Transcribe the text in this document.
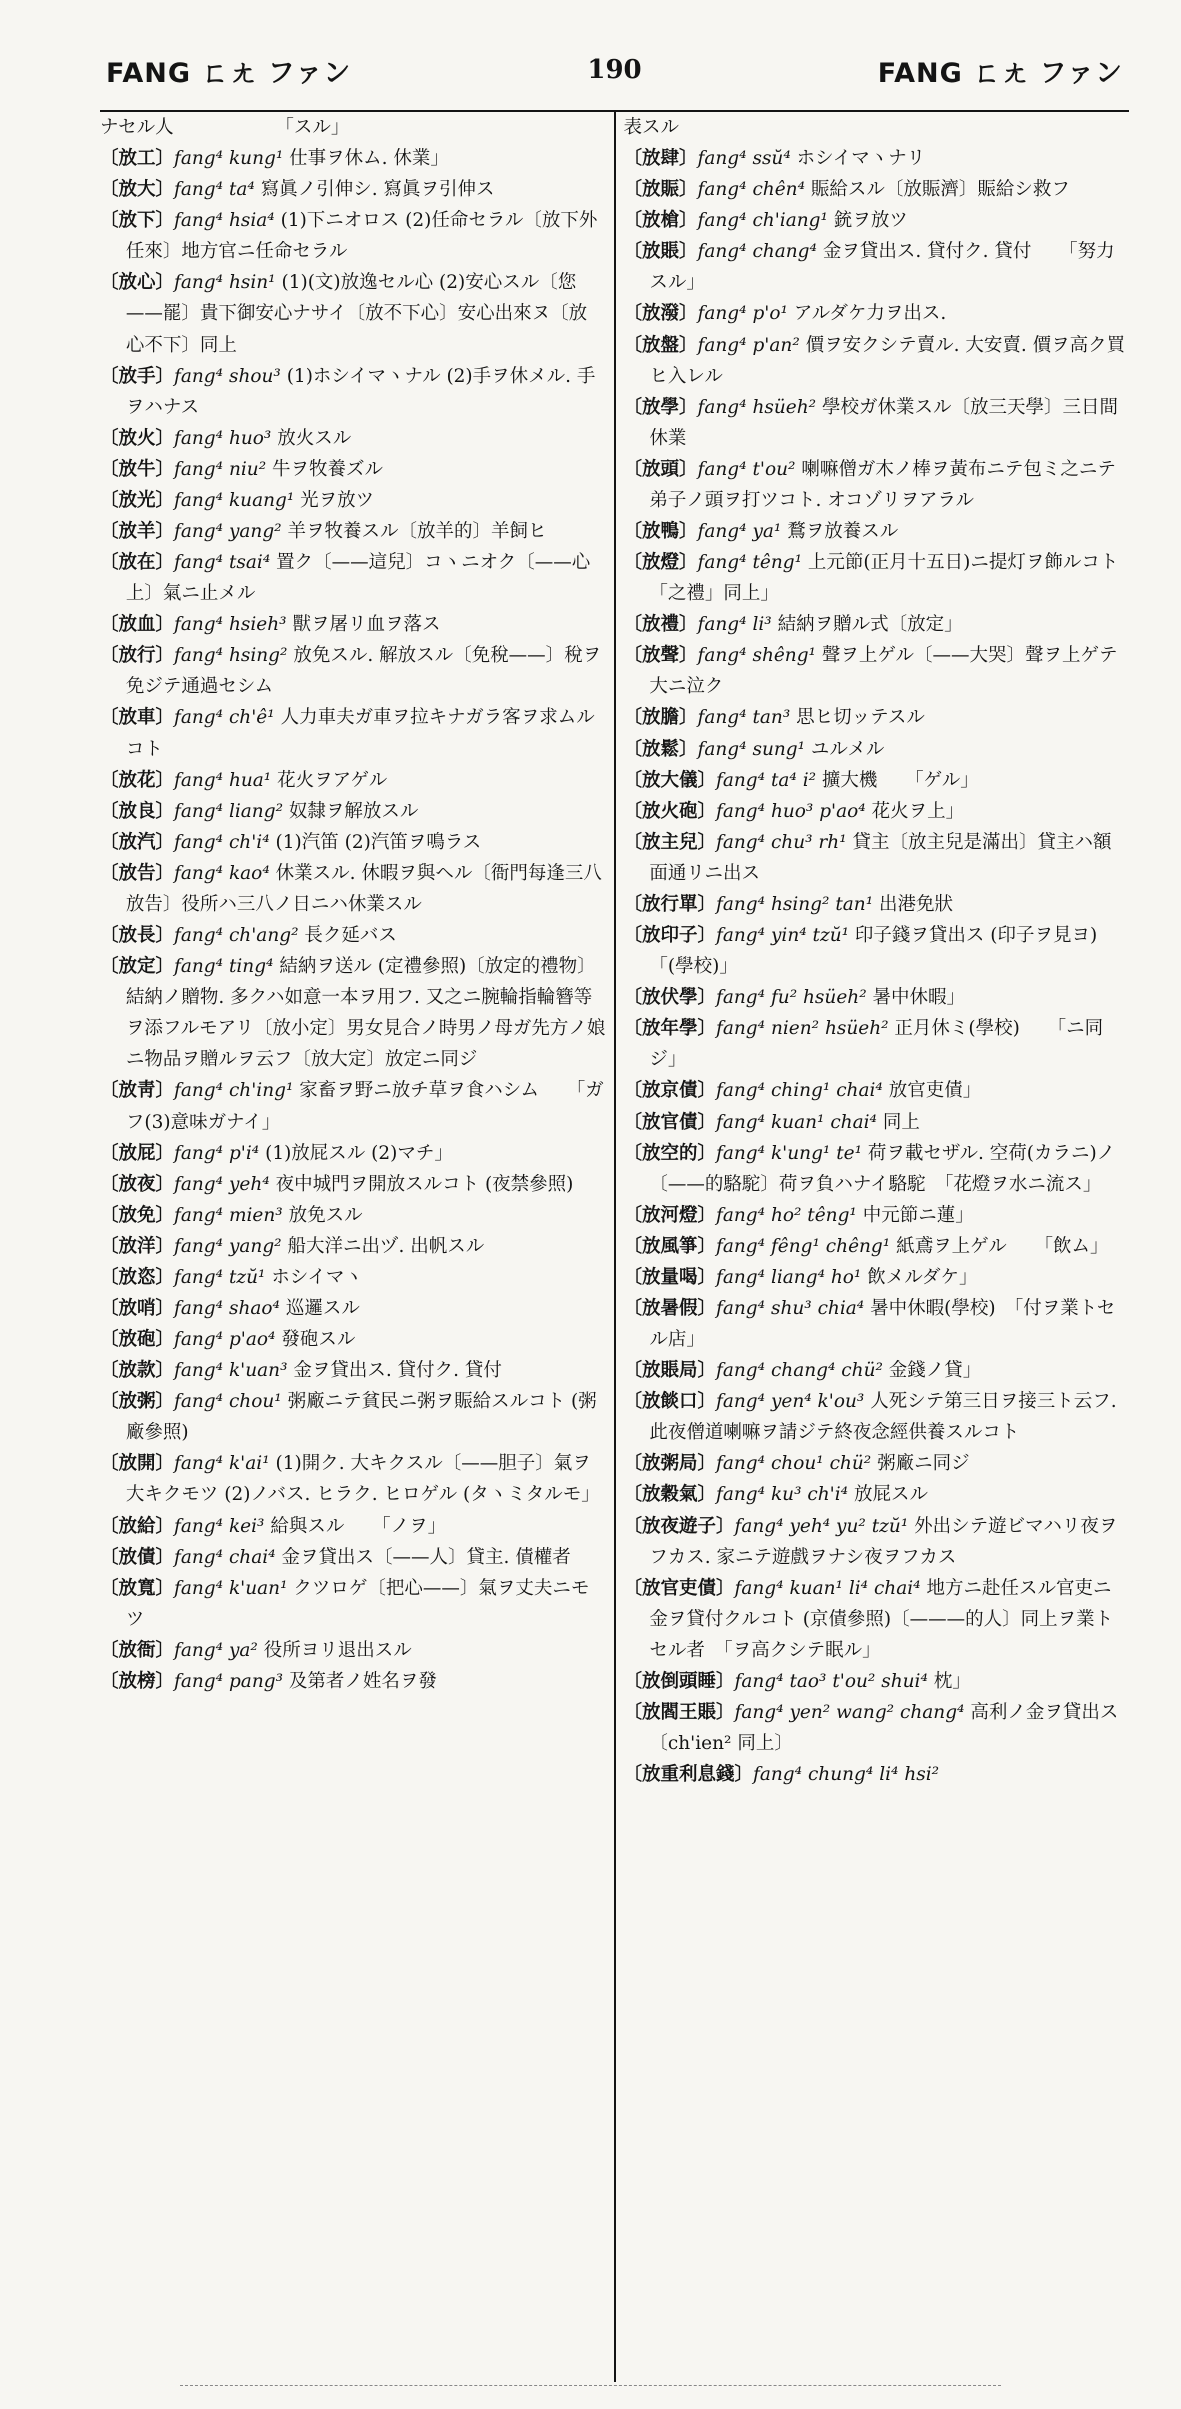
FANG ㄈㄤ ファン	190	FANG ㄈㄤ ファン

ナセル人　　　　　　「スル」

〔放工〕fang⁴ kung¹ 仕事ヲ休ム. 休業」

〔放大〕fang⁴ ta⁴ 寫眞ノ引伸シ. 寫眞ヲ引伸ス

〔放下〕fang⁴ hsia⁴ (1)下ニオロス (2)任命セラル〔放下外任來〕地方官ニ任命セラル

〔放心〕fang⁴ hsin¹ (1)(文)放逸セル心 (2)安心スル〔您——罷〕貴下御安心ナサイ〔放不下心〕安心出來ヌ〔放心不下〕同上

〔放手〕fang⁴ shou³ (1)ホシイマヽナル (2)手ヲ休メル. 手ヲハナス

〔放火〕fang⁴ huo³ 放火スル

〔放牛〕fang⁴ niu² 牛ヲ牧養ズル

〔放光〕fang⁴ kuang¹ 光ヲ放ツ

〔放羊〕fang⁴ yang² 羊ヲ牧養スル〔放羊的〕羊飼ヒ

〔放在〕fang⁴ tsai⁴ 置ク〔——這兒〕コヽニオク〔——心上〕氣ニ止メル

〔放血〕fang⁴ hsieh³ 獸ヲ屠リ血ヲ落ス

〔放行〕fang⁴ hsing² 放免スル. 解放スル〔免稅——〕稅ヲ免ジテ通過セシム

〔放車〕fang⁴ ch'ê¹ 人力車夫ガ車ヲ拉キナガラ客ヲ求ムルコト

〔放花〕fang⁴ hua¹ 花火ヲアゲル

〔放良〕fang⁴ liang² 奴隸ヲ解放スル

〔放汽〕fang⁴ ch'i⁴ (1)汽笛 (2)汽笛ヲ鳴ラス

〔放告〕fang⁴ kao⁴ 休業スル. 休暇ヲ與ヘル〔衙門每逢三八放告〕役所ハ三八ノ日ニハ休業スル

〔放長〕fang⁴ ch'ang² 長ク延バス

〔放定〕fang⁴ ting⁴ 結納ヲ送ル (定禮參照)〔放定的禮物〕結納ノ贈物. 多クハ如意一本ヲ用フ. 又之ニ腕輪指輪簪等ヲ添フルモアリ〔放小定〕男女見合ノ時男ノ母ガ先方ノ娘ニ物品ヲ贈ルヲ云フ〔放大定〕放定ニ同ジ

〔放靑〕fang⁴ ch'ing¹ 家畜ヲ野ニ放チ草ヲ食ハシム　　「ガフ(3)意味ガナイ」

〔放屁〕fang⁴ p'i⁴ (1)放屁スル (2)マチ」

〔放夜〕fang⁴ yeh⁴ 夜中城門ヲ開放スルコト (夜禁參照)

〔放免〕fang⁴ mien³ 放免スル

〔放洋〕fang⁴ yang² 船大洋ニ出ヅ. 出帆スル

〔放恣〕fang⁴ tzŭ¹ ホシイマヽ

〔放哨〕fang⁴ shao⁴ 巡邏スル

〔放砲〕fang⁴ p'ao⁴ 發砲スル

〔放款〕fang⁴ k'uan³ 金ヲ貸出ス. 貸付ク. 貸付

〔放粥〕fang⁴ chou¹ 粥廠ニテ貧民ニ粥ヲ賑給スルコト (粥廠參照)

〔放開〕fang⁴ k'ai¹ (1)開ク. 大キクスル〔——胆子〕氣ヲ大キクモツ (2)ノバス. ヒラク. ヒロゲル (タヽミタルモ」

〔放給〕fang⁴ kei³ 給與スル　　「ノヲ」

〔放債〕fang⁴ chai⁴ 金ヲ貸出ス〔——人〕貸主. 債權者

〔放寬〕fang⁴ k'uan¹ クツロゲ〔把心——〕氣ヲ丈夫ニモツ

〔放衙〕fang⁴ ya² 役所ヨリ退出スル

〔放榜〕fang⁴ pang³ 及第者ノ姓名ヲ發

表スル

〔放肆〕fang⁴ ssŭ⁴ ホシイマヽナリ

〔放賑〕fang⁴ chên⁴ 賑給スル〔放賑濟〕賑給シ救フ

〔放槍〕fang⁴ ch'iang¹ 銃ヲ放ツ

〔放賬〕fang⁴ chang⁴ 金ヲ貸出ス. 貸付ク. 貸付　　「努力スル」

〔放潑〕fang⁴ p'o¹ アルダケ力ヲ出ス.

〔放盤〕fang⁴ p'an² 價ヲ安クシテ賣ル. 大安賣. 價ヲ高ク買ヒ入レル

〔放學〕fang⁴ hsüeh² 學校ガ休業スル〔放三天學〕三日間休業

〔放頭〕fang⁴ t'ou² 喇嘛僧ガ木ノ棒ヲ黃布ニテ包ミ之ニテ弟子ノ頭ヲ打ツコト. オコゾリヲアラル

〔放鴨〕fang⁴ ya¹ 鶩ヲ放養スル

〔放燈〕fang⁴ têng¹ 上元節(正月十五日)ニ提灯ヲ飾ルコト　「之禮」同上」

〔放禮〕fang⁴ li³ 結納ヲ贈ル式〔放定」

〔放聲〕fang⁴ shêng¹ 聲ヲ上ゲル〔——大哭〕聲ヲ上ゲテ大ニ泣ク

〔放膽〕fang⁴ tan³ 思ヒ切ッテスル

〔放鬆〕fang⁴ sung¹ ユルメル

〔放大儀〕fang⁴ ta⁴ i² 擴大機　　「ゲル」

〔放火砲〕fang⁴ huo³ p'ao⁴ 花火ヲ上」

〔放主兒〕fang⁴ chu³ rh¹ 貸主〔放主兒是滿出〕貸主ハ額面通リニ出ス

〔放行單〕fang⁴ hsing² tan¹ 出港免狀

〔放印子〕fang⁴ yin⁴ tzŭ¹ 印子錢ヲ貸出ス (印子ヲ見ヨ)　　「(學校)」

〔放伏學〕fang⁴ fu² hsüeh² 暑中休暇」

〔放年學〕fang⁴ nien² hsüeh² 正月休ミ(學校)　　「ニ同ジ」

〔放京債〕fang⁴ ching¹ chai⁴ 放官吏債」

〔放官債〕fang⁴ kuan¹ chai⁴ 同上

〔放空的〕fang⁴ k'ung¹ te¹ 荷ヲ載セザル. 空荷(カラニ)ノ〔——的駱駝〕荷ヲ負ハナイ駱駝　「花燈ヲ水ニ流ス」

〔放河燈〕fang⁴ ho² têng¹ 中元節ニ蓮」

〔放風箏〕fang⁴ fêng¹ chêng¹ 紙鳶ヲ上ゲル　　「飲ム」

〔放量喝〕fang⁴ liang⁴ ho¹ 飲メルダケ」

〔放暑假〕fang⁴ shu³ chia⁴ 暑中休暇(學校)　「付ヲ業トセル店」

〔放賬局〕fang⁴ chang⁴ chü² 金錢ノ貸」

〔放餤口〕fang⁴ yen⁴ k'ou³ 人死シテ第三日ヲ接三ト云フ. 此夜僧道喇嘛ヲ請ジテ終夜念經供養スルコト

〔放粥局〕fang⁴ chou¹ chü² 粥廠ニ同ジ

〔放穀氣〕fang⁴ ku³ ch'i⁴ 放屁スル

〔放夜遊子〕fang⁴ yeh⁴ yu² tzŭ¹ 外出シテ遊ビマハリ夜ヲフカス. 家ニテ遊戲ヲナシ夜ヲフカス

〔放官吏債〕fang⁴ kuan¹ li⁴ chai⁴ 地方ニ赴任スル官吏ニ金ヲ貸付クルコト (京債參照)〔———的人〕同上ヲ業トセル者　「ヲ高クシテ眠ル」

〔放倒頭睡〕fang⁴ tao³ t'ou² shui⁴ 枕」

〔放閻王賬〕fang⁴ yen² wang² chang⁴ 高利ノ金ヲ貸出ス〔ch'ien² 同上〕

〔放重利息錢〕fang⁴ chung⁴ li⁴ hsi²
